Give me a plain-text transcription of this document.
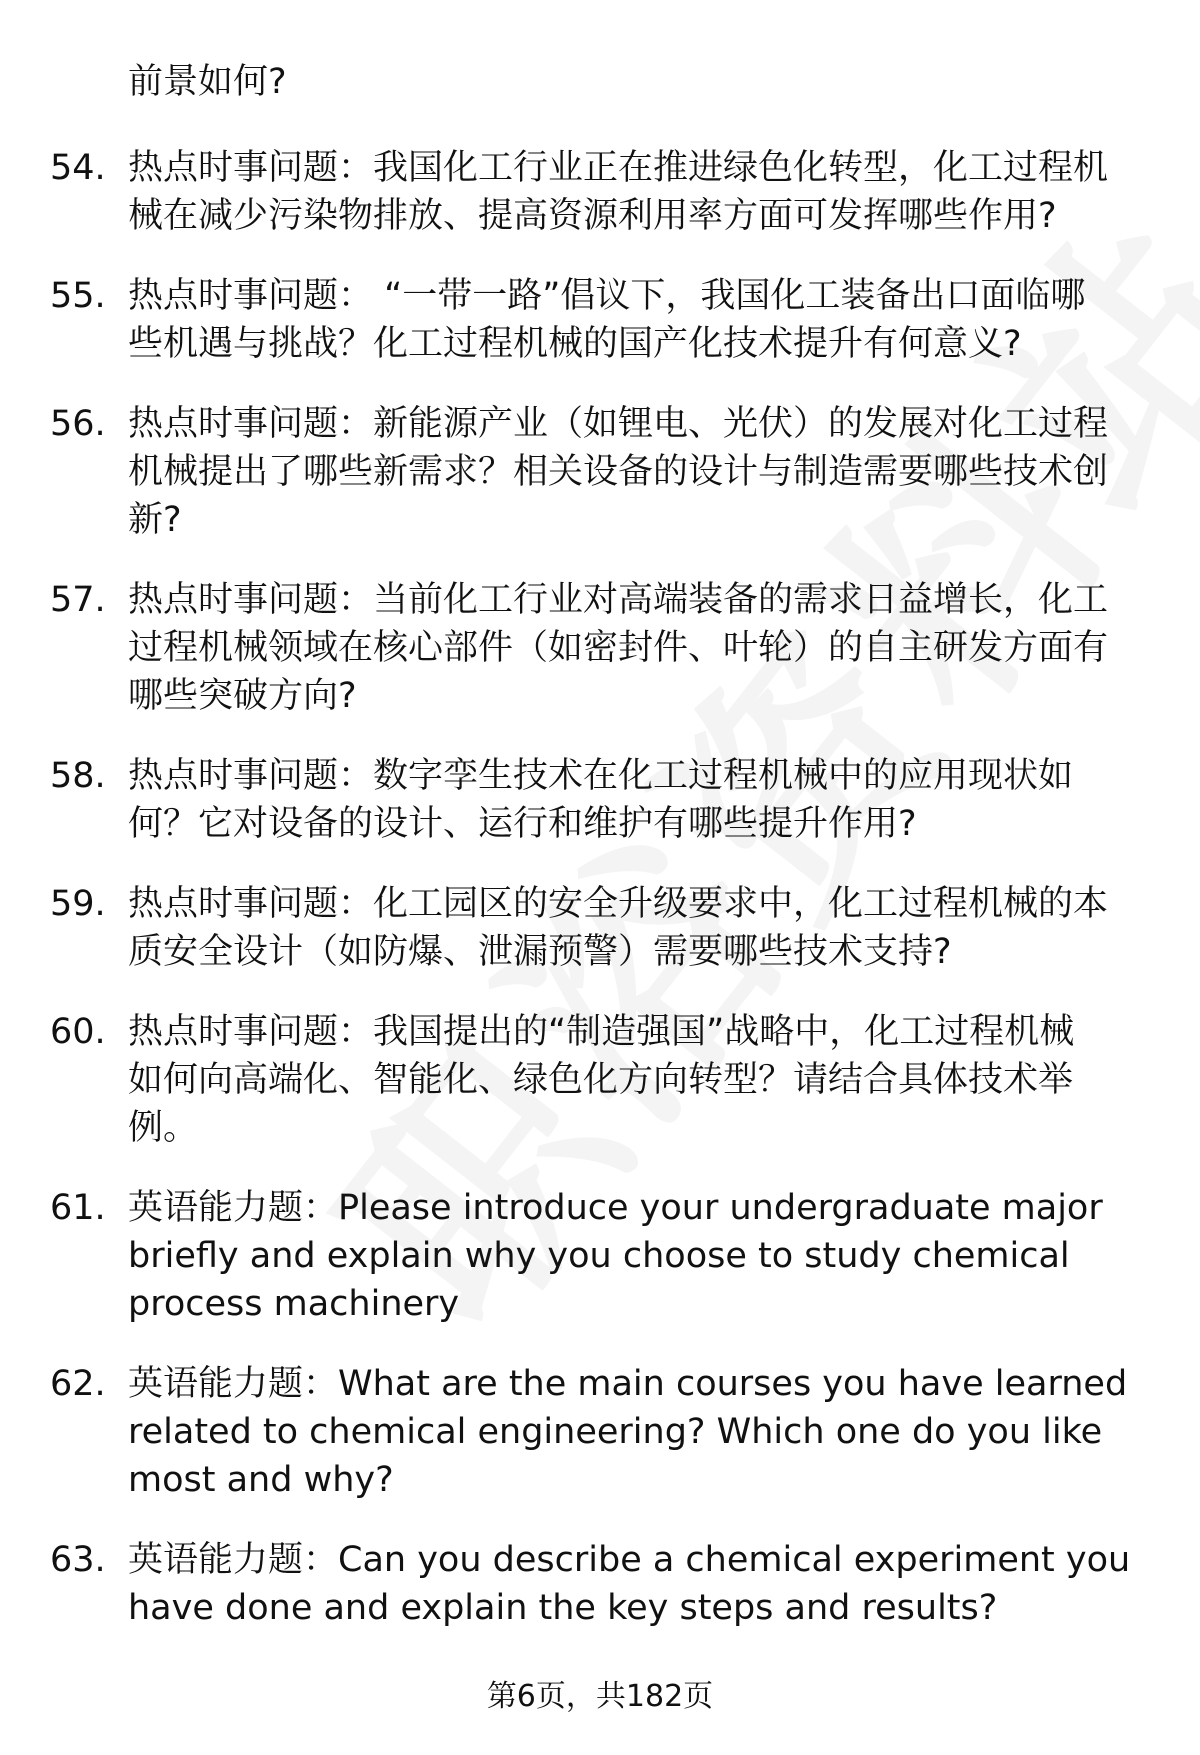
前景如何?
54. 热点时事问题：我国化工行业正在推进绿色化转型，化工过程机
械在减少污染物排放、提高资源利用率方面可发挥哪些作用?
55. 热点时事问题： “一带一路”倡议下，我国化工装备出口面临哪
些机遇与挑战？化工过程机械的国产化技术提升有何意义?
56. 热点时事问题：新能源产业（如锂电、光伏）的发展对化工过程
机械提出了哪些新需求？相关设备的设计与制造需要哪些技术创
新?
57. 热点时事问题：当前化工行业对高端装备的需求日益增长，化工
过程机械领域在核心部件（如密封件、叶轮）的自主研发方面有
哪些突破方向?
58. 热点时事问题：数字孪生技术在化工过程机械中的应用现状如
何？它对设备的设计、运行和维护有哪些提升作用?
59. 热点时事问题：化工园区的安全升级要求中，化工过程机械的本
质安全设计（如防爆、泄漏预警）需要哪些技术支持?
60. 热点时事问题：我国提出的“制造强国”战略中，化工过程机械
如何向高端化、智能化、绿色化方向转型？请结合具体技术举
例。
61. 英语能力题：Please introduce your undergraduate major
briefly and explain why you choose to study chemical
process machinery
62. 英语能力题：What are the main courses you have learned
related to chemical engineering? Which one do you like
most and why?
63. 英语能力题：Can you describe a chemical experiment you
have done and explain the key steps and results?
第6页，共182页
